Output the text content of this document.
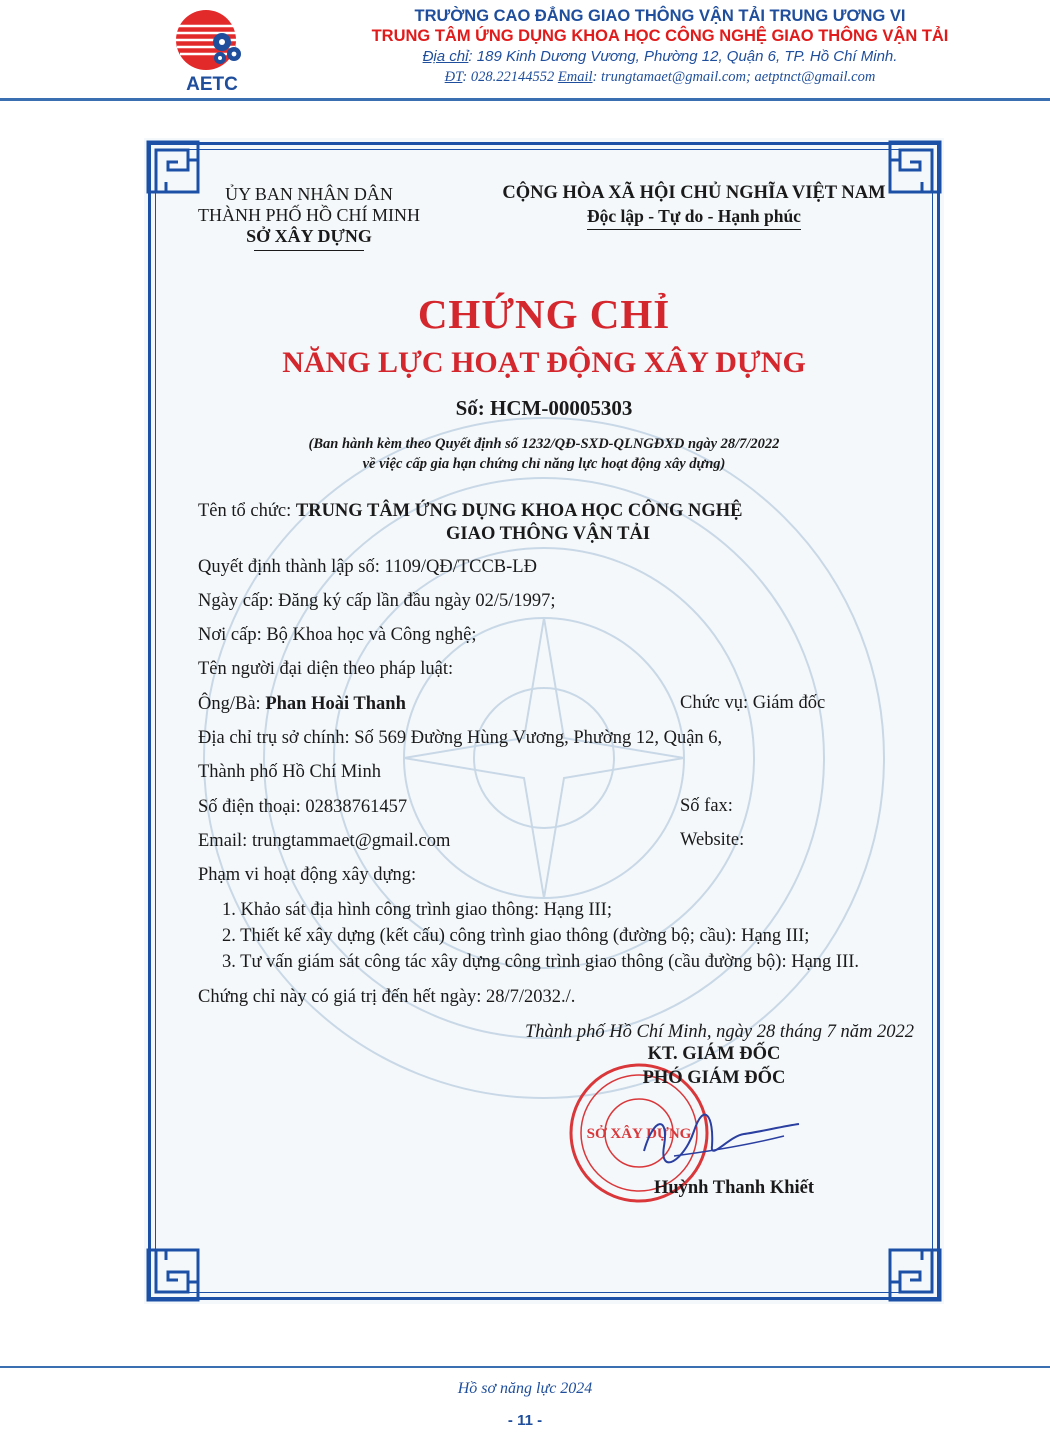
AETC
TRƯỜNG CAO ĐẲNG GIAO THÔNG VẬN TẢI TRUNG ƯƠNG VI
TRUNG TÂM ỨNG DỤNG KHOA HỌC CÔNG NGHỆ GIAO THÔNG VẬN TẢI
Địa chỉ: 189 Kinh Dương Vương, Phường 12, Quận 6, TP. Hồ Chí Minh.
ĐT: 028.22144552 Email: trungtamaet@gmail.com; aetptnct@gmail.com
ỦY BAN NHÂN DÂN
THÀNH PHỐ HỒ CHÍ MINH
SỞ XÂY DỰNG
CỘNG HÒA XÃ HỘI CHỦ NGHĨA VIỆT NAM
Độc lập - Tự do - Hạnh phúc
CHỨNG CHỈ
NĂNG LỰC HOẠT ĐỘNG XÂY DỰNG
Số: HCM-00005303
(Ban hành kèm theo Quyết định số 1232/QĐ-SXD-QLNGĐXD ngày 28/7/2022
về việc cấp gia hạn chứng chỉ năng lực hoạt động xây dựng)
Tên tổ chức: TRUNG TÂM ỨNG DỤNG KHOA HỌC CÔNG NGHỆ
GIAO THÔNG VẬN TẢI
Quyết định thành lập số: 1109/QĐ/TCCB-LĐ
Ngày cấp: Đăng ký cấp lần đầu ngày 02/5/1997;
Nơi cấp: Bộ Khoa học và Công nghệ;
Tên người đại diện theo pháp luật:
Ông/Bà: Phan Hoài Thanh	Chức vụ: Giám đốc
Địa chỉ trụ sở chính: Số 569 Đường Hùng Vương, Phường 12, Quận 6,
Thành phố Hồ Chí Minh
Số điện thoại: 02838761457	Số fax:
Email: trungtammaet@gmail.com	Website:
Phạm vi hoạt động xây dựng:
1. Khảo sát địa hình công trình giao thông: Hạng III;
2. Thiết kế xây dựng (kết cấu) công trình giao thông (đường bộ; cầu): Hạng III;
3. Tư vấn giám sát công tác xây dựng công trình giao thông (cầu đường bộ): Hạng III.
Chứng chỉ này có giá trị đến hết ngày: 28/7/2032./.
Thành phố Hồ Chí Minh, ngày 28 tháng 7 năm 2022
SỞ XÂY DỰNG
KT. GIÁM ĐỐC
PHÓ GIÁM ĐỐC
Huỳnh Thanh Khiết
Hồ sơ năng lực 2024
- 11 -
